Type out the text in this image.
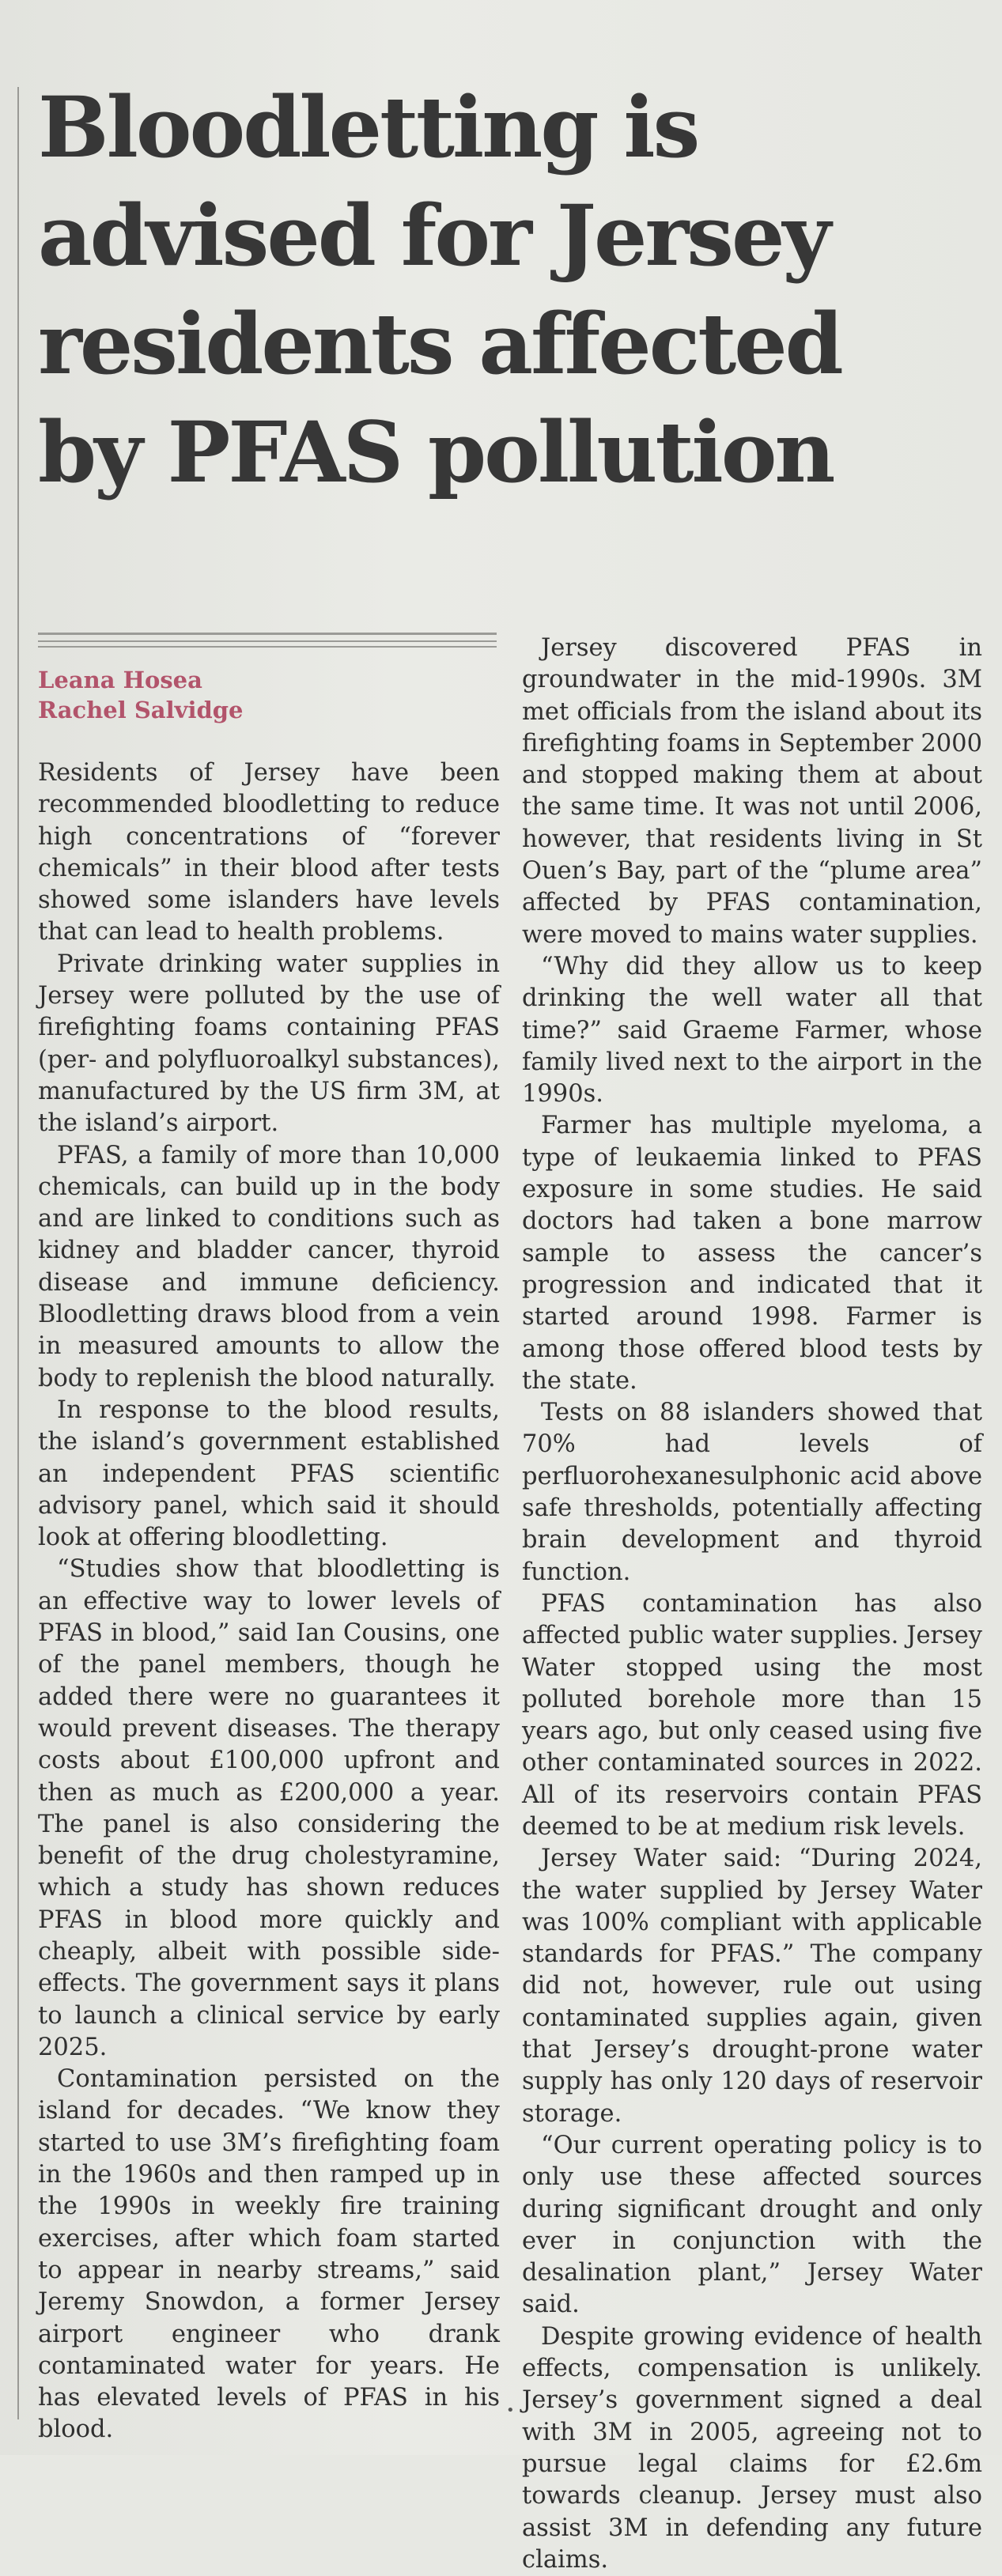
Bloodletting is advised for Jersey residents affected by PFAS pollution
Leana Hosea
Rachel Salvidge

Residents of Jersey have been recommended bloodletting to reduce high concentrations of “forever chemicals” in their blood after tests showed some islanders have levels that can lead to health problems.

Private drinking water supplies in Jersey were polluted by the use of firefighting foams containing PFAS (per- and polyfluoroalkyl substances), manufactured by the US firm 3M, at the island’s airport.

PFAS, a family of more than 10,000 chemicals, can build up in the body and are linked to conditions such as kidney and bladder cancer, thyroid disease and immune deficiency. Bloodletting draws blood from a vein in measured amounts to allow the body to replenish the blood naturally.

In response to the blood results, the island’s government established an independent PFAS scientific advisory panel, which said it should look at offering bloodletting.

“Studies show that bloodletting is an effective way to lower levels of PFAS in blood,” said Ian Cousins, one of the panel members, though he added there were no guarantees it would prevent diseases. The therapy costs about £100,000 upfront and then as much as £200,000 a year. The panel is also considering the benefit of the drug cholestyramine, which a study has shown reduces PFAS in blood more quickly and cheaply, albeit with possible side-effects. The government says it plans to launch a clinical service by early 2025.

Contamination persisted on the island for decades. “We know they started to use 3M’s firefighting foam in the 1960s and then ramped up in the 1990s in weekly fire training exercises, after which foam started to appear in nearby streams,” said Jeremy Snowdon, a former Jersey airport engineer who drank contaminated water for years. He has elevated levels of PFAS in his blood.

Jersey discovered PFAS in groundwater in the mid-1990s. 3M met officials from the island about its firefighting foams in September 2000 and stopped making them at about the same time. It was not until 2006, however, that residents living in St Ouen’s Bay, part of the “plume area” affected by PFAS contamination, were moved to mains water supplies.

“Why did they allow us to keep drinking the well water all that time?” said Graeme Farmer, whose family lived next to the airport in the 1990s.

Farmer has multiple myeloma, a type of leukaemia linked to PFAS exposure in some studies. He said doctors had taken a bone marrow sample to assess the cancer’s progression and indicated that it started around 1998. Farmer is among those offered blood tests by the state.

Tests on 88 islanders showed that 70% had levels of perfluorohexanesulphonic acid above safe thresholds, potentially affecting brain development and thyroid function.

PFAS contamination has also affected public water supplies. Jersey Water stopped using the most polluted borehole more than 15 years ago, but only ceased using five other contaminated sources in 2022. All of its reservoirs contain PFAS deemed to be at medium risk levels.

Jersey Water said: “During 2024, the water supplied by Jersey Water was 100% compliant with applicable standards for PFAS.” The company did not, however, rule out using contaminated supplies again, given that Jersey’s drought-prone water supply has only 120 days of reservoir storage.

“Our current operating policy is to only use these affected sources during significant drought and only ever in conjunction with the desalination plant,” Jersey Water said.

Despite growing evidence of health effects, compensation is unlikely. Jersey’s government signed a deal with 3M in 2005, agreeing not to pursue legal claims for £2.6m towards cleanup. Jersey must also assist 3M in defending any future claims.

•
